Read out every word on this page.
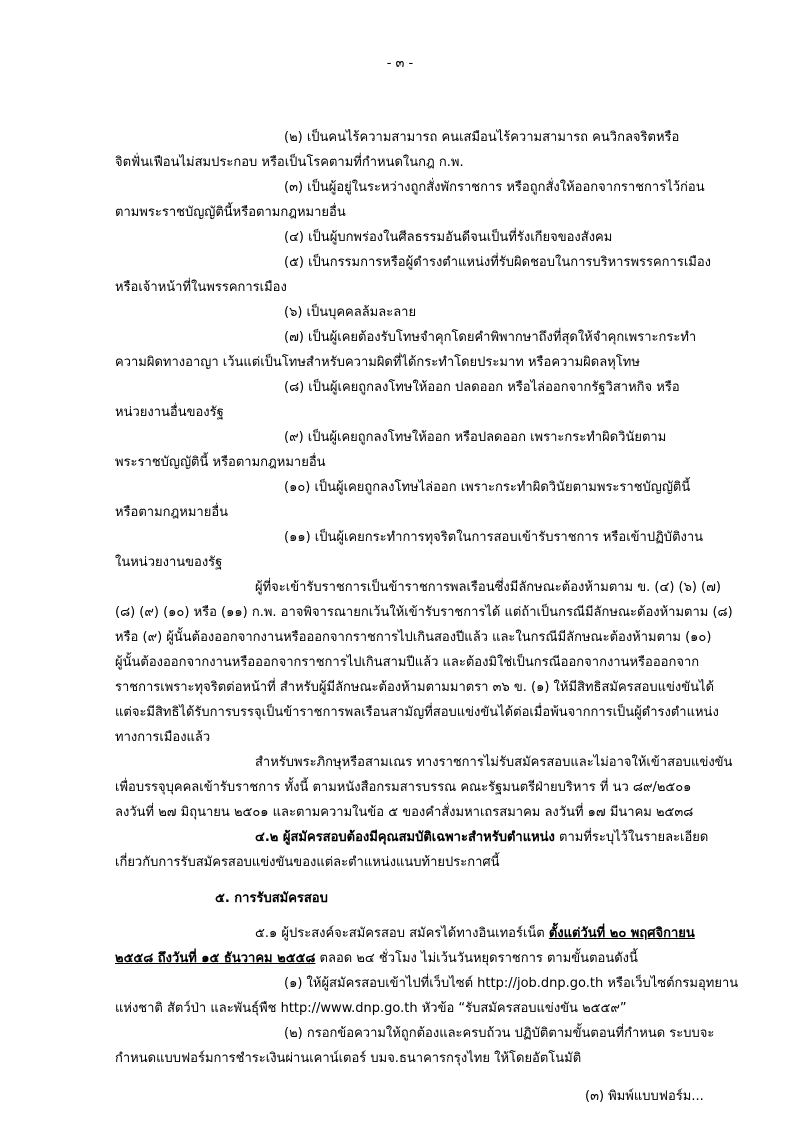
- ๓ -
(๒) เป็นคนไร้ความสามารถ คนเสมือนไร้ความสามารถ คนวิกลจริตหรือ
จิตฟั่นเฟือนไม่สมประกอบ หรือเป็นโรคตามที่กำหนดในกฎ ก.พ.
(๓) เป็นผู้อยู่ในระหว่างถูกสั่งพักราชการ หรือถูกสั่งให้ออกจากราชการไว้ก่อน
ตามพระราชบัญญัตินี้หรือตามกฎหมายอื่น
(๔) เป็นผู้บกพร่องในศีลธรรมอันดีจนเป็นที่รังเกียจของสังคม
(๕) เป็นกรรมการหรือผู้ดำรงตำแหน่งที่รับผิดชอบในการบริหารพรรคการเมือง
หรือเจ้าหน้าที่ในพรรคการเมือง
(๖) เป็นบุคคลล้มละลาย
(๗) เป็นผู้เคยต้องรับโทษจำคุกโดยคำพิพากษาถึงที่สุดให้จำคุกเพราะกระทำ
ความผิดทางอาญา เว้นแต่เป็นโทษสำหรับความผิดที่ได้กระทำโดยประมาท หรือความผิดลหุโทษ
(๘) เป็นผู้เคยถูกลงโทษให้ออก ปลดออก หรือไล่ออกจากรัฐวิสาหกิจ หรือ
หน่วยงานอื่นของรัฐ
(๙) เป็นผู้เคยถูกลงโทษให้ออก หรือปลดออก เพราะกระทำผิดวินัยตาม
พระราชบัญญัตินี้ หรือตามกฎหมายอื่น
(๑๐) เป็นผู้เคยถูกลงโทษไล่ออก เพราะกระทำผิดวินัยตามพระราชบัญญัตินี้
หรือตามกฎหมายอื่น
(๑๑) เป็นผู้เคยกระทำการทุจริตในการสอบเข้ารับราชการ หรือเข้าปฏิบัติงาน
ในหน่วยงานของรัฐ
ผู้ที่จะเข้ารับราชการเป็นข้าราชการพลเรือนซึ่งมีลักษณะต้องห้ามตาม ข. (๔) (๖) (๗)
(๘) (๙) (๑๐) หรือ (๑๑) ก.พ. อาจพิจารณายกเว้นให้เข้ารับราชการได้ แต่ถ้าเป็นกรณีมีลักษณะต้องห้ามตาม (๘)
หรือ (๙) ผู้นั้นต้องออกจากงานหรือออกจากราชการไปเกินสองปีแล้ว และในกรณีมีลักษณะต้องห้ามตาม (๑๐)
ผู้นั้นต้องออกจากงานหรือออกจากราชการไปเกินสามปีแล้ว และต้องมิใช่เป็นกรณีออกจากงานหรือออกจาก
ราชการเพราะทุจริตต่อหน้าที่ สำหรับผู้มีลักษณะต้องห้ามตามมาตรา ๓๖ ข. (๑) ให้มีสิทธิสมัครสอบแข่งขันได้
แต่จะมีสิทธิได้รับการบรรจุเป็นข้าราชการพลเรือนสามัญที่สอบแข่งขันได้ต่อเมื่อพ้นจากการเป็นผู้ดำรงตำแหน่ง
ทางการเมืองแล้ว
สำหรับพระภิกษุหรือสามเณร ทางราชการไม่รับสมัครสอบและไม่อาจให้เข้าสอบแข่งขัน
เพื่อบรรจุบุคคลเข้ารับราชการ ทั้งนี้ ตามหนังสือกรมสารบรรณ คณะรัฐมนตรีฝ่ายบริหาร ที่ นว ๘๙/๒๕๐๑
ลงวันที่ ๒๗ มิถุนายน ๒๕๐๑ และตามความในข้อ ๕ ของคำสั่งมหาเถรสมาคม ลงวันที่ ๑๗ มีนาคม ๒๕๓๘
๔.๒ ผู้สมัครสอบต้องมีคุณสมบัติเฉพาะสำหรับตำแหน่ง ตามที่ระบุไว้ในรายละเอียด
เกี่ยวกับการรับสมัครสอบแข่งขันของแต่ละตำแหน่งแนบท้ายประกาศนี้
๕. การรับสมัครสอบ
๕.๑ ผู้ประสงค์จะสมัครสอบ สมัครได้ทางอินเทอร์เน็ต ตั้งแต่วันที่ ๒๐ พฤศจิกายน
๒๕๕๘ ถึงวันที่ ๑๕ ธันวาคม ๒๕๕๘ ตลอด ๒๔ ชั่วโมง ไม่เว้นวันหยุดราชการ ตามขั้นตอนดังนี้
(๑) ให้ผู้สมัครสอบเข้าไปที่เว็บไซต์ http://job.dnp.go.th หรือเว็บไซต์กรมอุทยาน
แห่งชาติ สัตว์ป่า และพันธุ์พืช http://www.dnp.go.th หัวข้อ “รับสมัครสอบแข่งขัน ๒๕๕๙”
(๒) กรอกข้อความให้ถูกต้องและครบถ้วน ปฏิบัติตามขั้นตอนที่กำหนด ระบบจะ
กำหนดแบบฟอร์มการชำระเงินผ่านเคาน์เตอร์ บมจ.ธนาคารกรุงไทย ให้โดยอัตโนมัติ
(๓) พิมพ์แบบฟอร์ม...
